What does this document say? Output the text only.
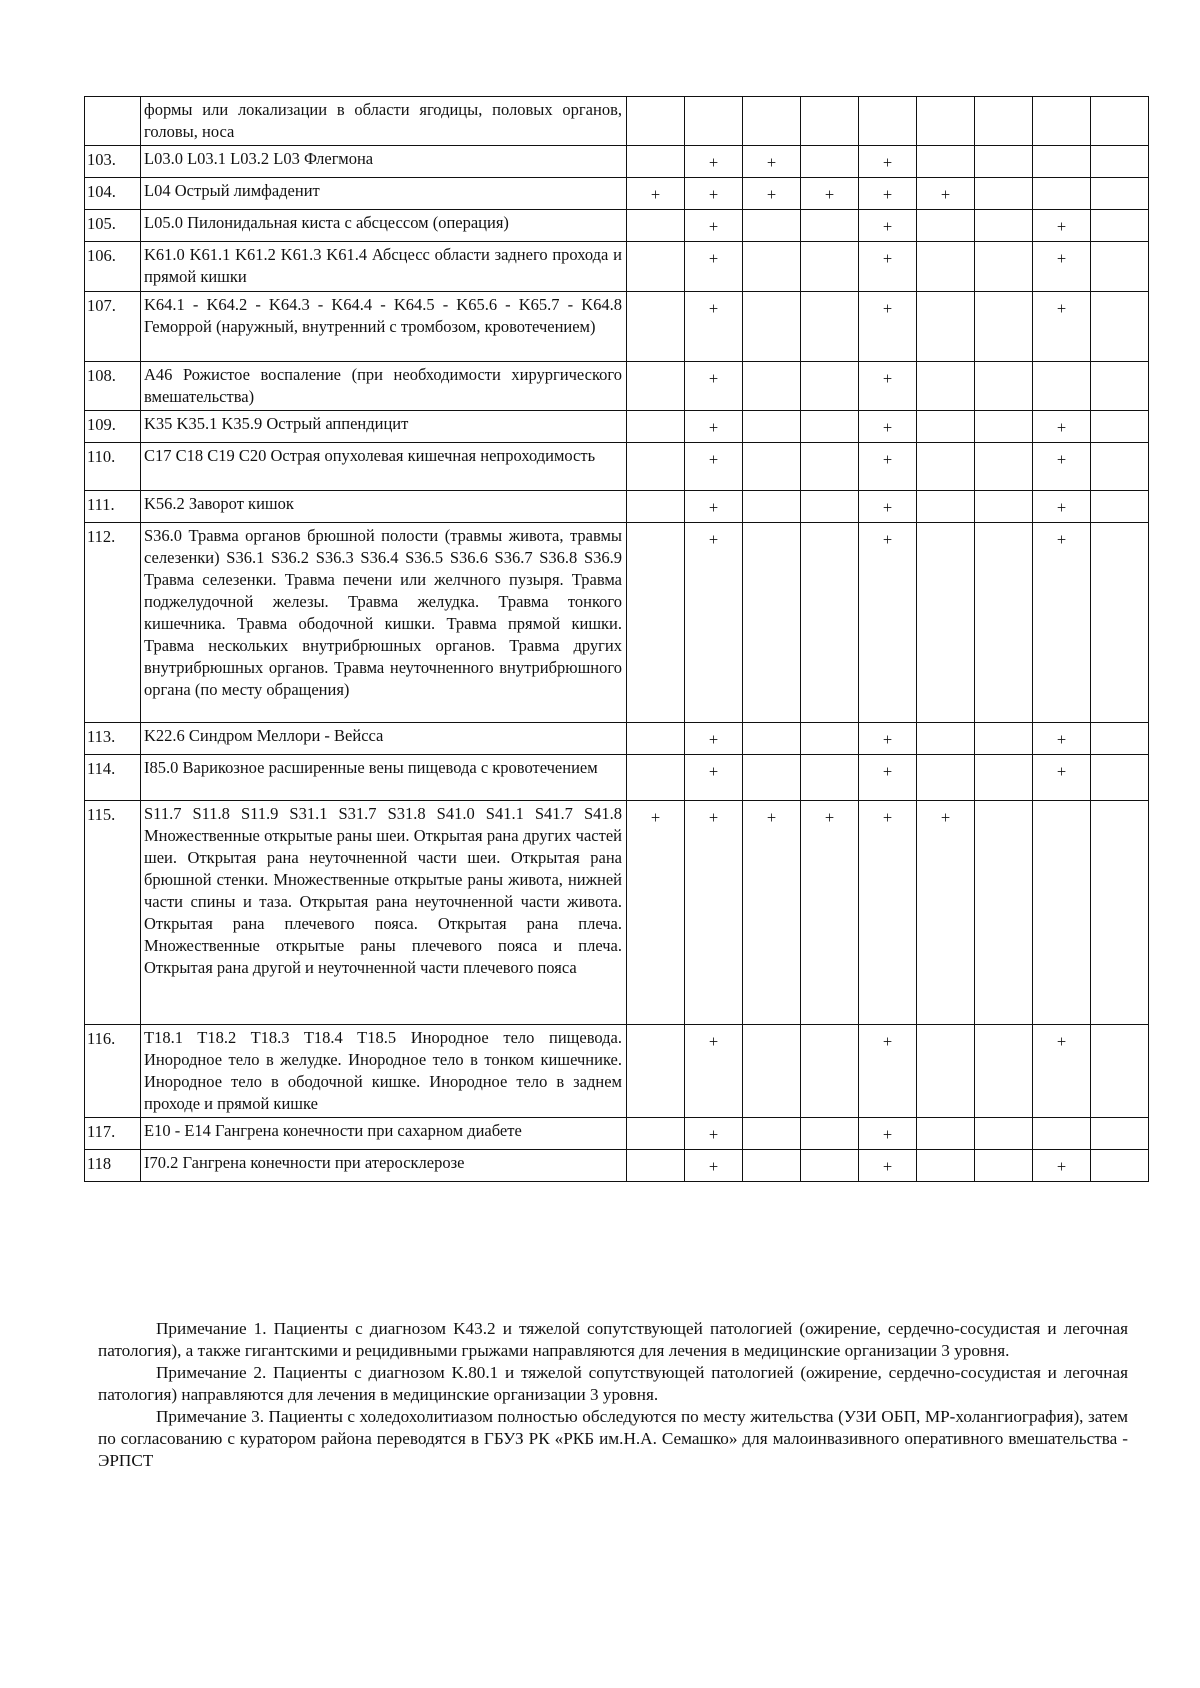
	формы или локализации в области ягодицы, половых органов, головы, носа									
103.	L03.0 L03.1 L03.2 L03 Флегмона		+	+		+				
104.	L04 Острый лимфаденит	+	+	+	+	+	+			
105.	L05.0 Пилонидальная киста с абсцессом (операция)		+			+			+	
106.	K61.0 K61.1 K61.2 K61.3 K61.4 Абсцесс области заднего прохода и прямой кишки		+			+			+	
107.	K64.1 - K64.2 - K64.3 - K64.4 - K64.5 - K65.6 - K65.7 - K64.8 Геморрой (наружный, внутренний с тромбозом, кровотечением)		+			+			+	
108.	A46 Рожистое воспаление (при необходимости хирургического вмешательства)		+			+				
109.	K35 K35.1 K35.9 Острый аппендицит		+			+			+	
110.	C17 C18 C19 C20 Острая опухолевая кишечная непроходимость		+			+			+	
111.	K56.2 Заворот кишок		+			+			+	
112.	S36.0 Травма органов брюшной полости (травмы живота, травмы селезенки) S36.1 S36.2 S36.3 S36.4 S36.5 S36.6 S36.7 S36.8 S36.9 Травма селезенки. Травма печени или желчного пузыря. Травма поджелудочной железы. Травма желудка. Травма тонкого кишечника. Травма ободочной кишки. Травма прямой кишки. Травма нескольких внутрибрюшных органов. Травма других внутрибрюшных органов. Травма неуточненного внутрибрюшного органа (по месту обращения)		+			+			+	
113.	K22.6 Синдром Меллори - Вейсса		+			+			+	
114.	I85.0 Варикозное расширенные вены пищевода с кровотечением		+			+			+	
115.	S11.7 S11.8 S11.9 S31.1 S31.7 S31.8 S41.0 S41.1 S41.7 S41.8 Множественные открытые раны шеи. Открытая рана других частей шеи. Открытая рана неуточненной части шеи. Открытая рана брюшной стенки. Множественные открытые раны живота, нижней части спины и таза. Открытая рана неуточненной части живота. Открытая рана плечевого пояса. Открытая рана плеча. Множественные открытые раны плечевого пояса и плеча. Открытая рана другой и неуточненной части плечевого пояса	+	+	+	+	+	+			
116.	T18.1 T18.2 T18.3 T18.4 T18.5 Инородное тело пищевода. Инородное тело в желудке. Инородное тело в тонком кишечнике. Инородное тело в ободочной кишке. Инородное тело в заднем проходе и прямой кишке		+			+			+	
117.	E10 - E14 Гангрена конечности при сахарном диабете		+			+				
118	I70.2 Гангрена конечности при атеросклерозе		+			+			+	

Примечание 1. Пациенты с диагнозом K43.2 и тяжелой сопутствующей патологией (ожирение, сердечно-сосудистая и легочная патология), а также гигантскими и рецидивными грыжами направляются для лечения в медицинские организации 3 уровня.

Примечание 2. Пациенты с диагнозом K.80.1 и тяжелой сопутствующей патологией (ожирение, сердечно-сосудистая и легочная патология) направляются для лечения в медицинские организации 3 уровня.

Примечание 3. Пациенты с холедохолитиазом полностью обследуются по месту жительства (УЗИ ОБП, МР-холангиография), затем по согласованию с куратором района переводятся в ГБУЗ РК «РКБ им.Н.А. Семашко» для малоинвазивного оперативного вмешательства - ЭРПСТ
